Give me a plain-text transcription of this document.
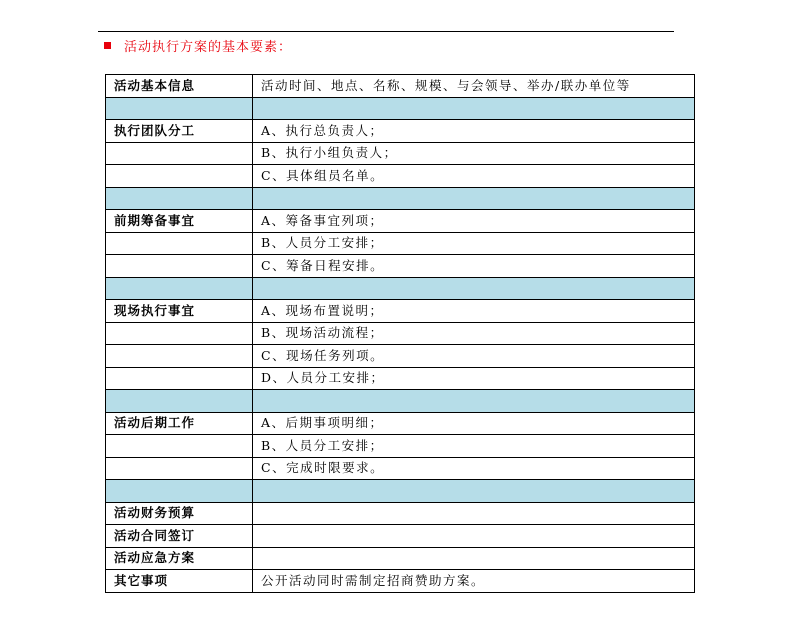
活动执行方案的基本要素：
活动基本信息	活动时间、地点、名称、规模、与会领导、举办/联办单位等

执行团队分工	A、执行总负责人；
	B、执行小组负责人；
	C、具体组员名单。

前期筹备事宜	A、筹备事宜列项；
	B、人员分工安排；
	C、筹备日程安排。

现场执行事宜	A、现场布置说明；
	B、现场活动流程；
	C、现场任务列项。
	D、人员分工安排；

活动后期工作	A、后期事项明细；
	B、人员分工安排；
	C、完成时限要求。

活动财务预算	
活动合同签订	
活动应急方案	
其它事项	公开活动同时需制定招商赞助方案。
